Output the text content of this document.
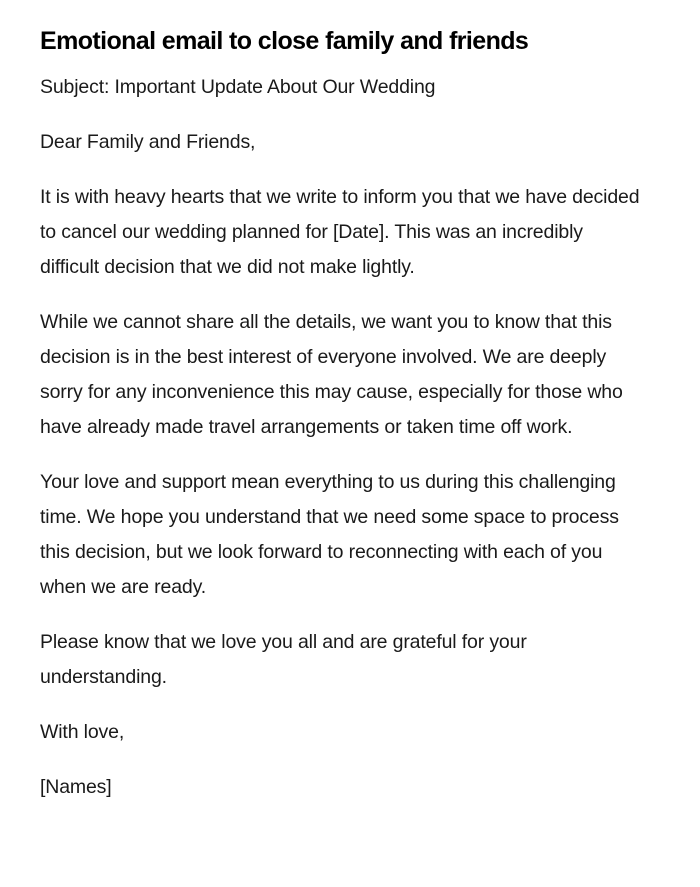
Emotional email to close family and friends

Subject: Important Update About Our Wedding

Dear Family and Friends,

It is with heavy hearts that we write to inform you that we have decided to cancel our wedding planned for [Date]. This was an incredibly difficult decision that we did not make lightly.

While we cannot share all the details, we want you to know that this decision is in the best interest of everyone involved. We are deeply sorry for any inconvenience this may cause, especially for those who have already made travel arrangements or taken time off work.

Your love and support mean everything to us during this challenging time. We hope you understand that we need some space to process this decision, but we look forward to reconnecting with each of you when we are ready.

Please know that we love you all and are grateful for your understanding.

With love,

[Names]
